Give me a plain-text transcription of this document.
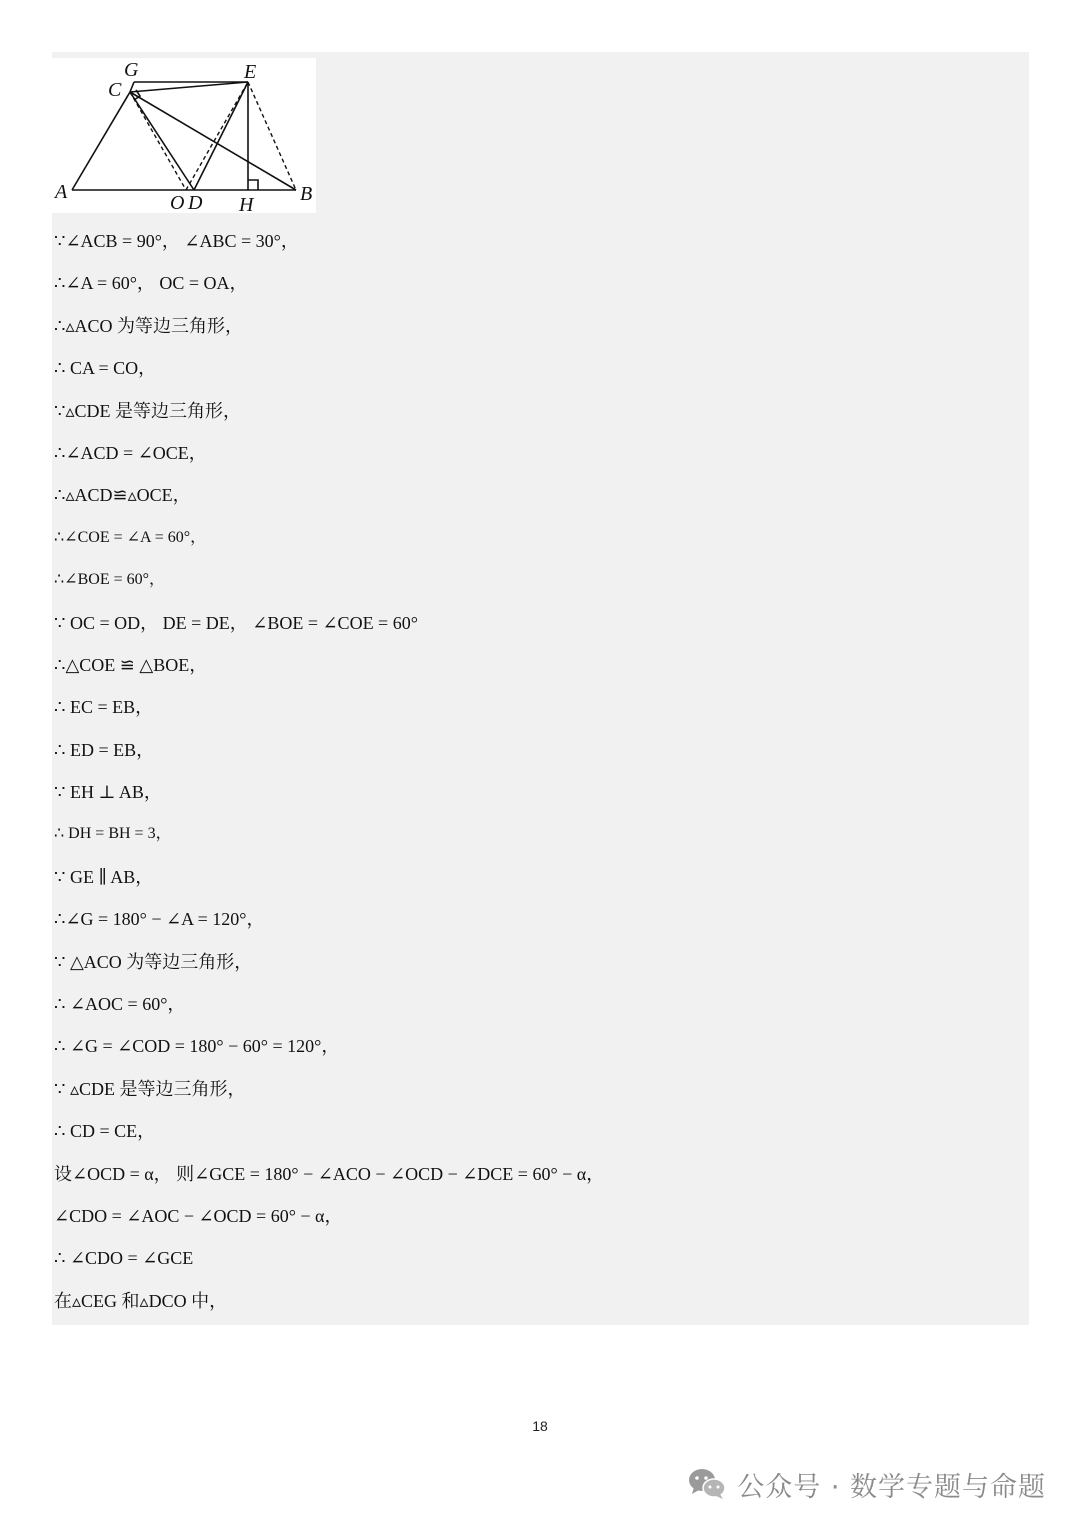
G	E
C
A	O D H B
∵∠ACB = 90°， ∠ABC = 30°，
∴∠A = 60°， OC = OA，
∴▵ACO 为等边三角形，
∴ CA = CO，
∵▵CDE 是等边三角形，
∴∠ACD = ∠OCE，
∴▵ACD≌▵OCE，
∴∠COE = ∠A = 60°，
∴∠BOE = 60°，
∵ OC = OD， DE = DE， ∠BOE = ∠COE = 60°
∴△COE ≌ △BOE，
∴ EC = EB，
∴ ED = EB，
∵ EH ⊥ AB，
∴ DH = BH = 3，
∵ GE ∥ AB，
∴∠G = 180° − ∠A = 120°，
∵ △ACO 为等边三角形，
∴ ∠AOC = 60°，
∴ ∠G = ∠COD = 180° − 60° = 120°，
∵ ▵CDE 是等边三角形，
∴ CD = CE，
设∠OCD = α， 则∠GCE = 180° − ∠ACO − ∠OCD − ∠DCE = 60° − α，
∠CDO = ∠AOC − ∠OCD = 60° − α，
∴ ∠CDO = ∠GCE
在▵CEG 和▵DCO 中，
18
公众号 · 数学专题与命题
